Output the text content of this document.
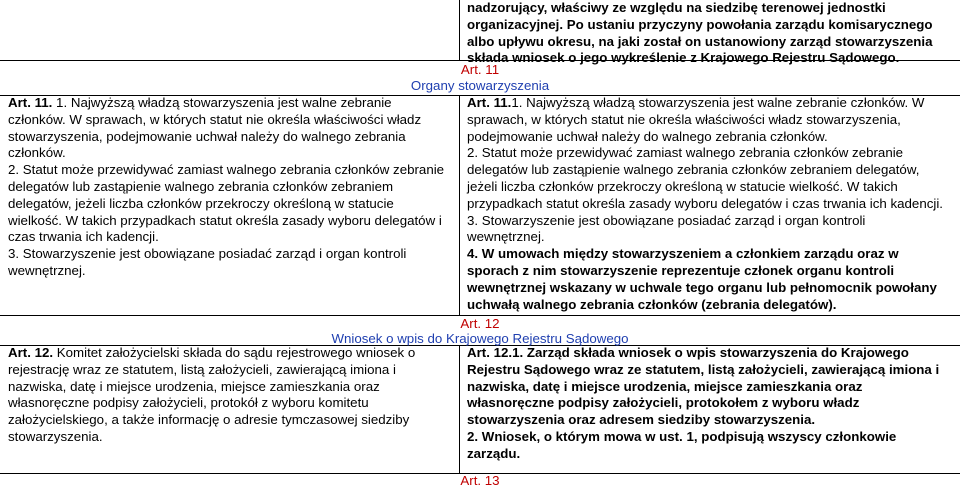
nadzorujący, właściwy ze względu na siedzibę terenowej jednostki organizacyjnej. Po ustaniu przyczyny powołania zarządu komisarycznego albo upływu okresu, na jaki został on ustanowiony zarząd stowarzyszenia składa wniosek o jego wykreślenie z Krajowego Rejestru Sądowego.

Art. 11
Organy stowarzyszenia

Art. 11. 1. Najwyższą władzą stowarzyszenia jest walne zebranie członków. W sprawach, w których statut nie określa właściwości władz stowarzyszenia, podejmowanie uchwał należy do walnego zebrania członków.

2. Statut może przewidywać zamiast walnego zebrania członków zebranie delegatów lub zastąpienie walnego zebrania członków zebraniem delegatów, jeżeli liczba członków przekroczy określoną w statucie wielkość. W takich przypadkach statut określa zasady wyboru delegatów i czas trwania ich kadencji.

3. Stowarzyszenie jest obowiązane posiadać zarząd i organ kontroli wewnętrznej.

Art. 11.1. Najwyższą władzą stowarzyszenia jest walne zebranie członków. W sprawach, w których statut nie określa właściwości władz stowarzyszenia, podejmowanie uchwał należy do walnego zebrania członków.

2. Statut może przewidywać zamiast walnego zebrania członków zebranie delegatów lub zastąpienie walnego zebrania członków zebraniem delegatów, jeżeli liczba członków przekroczy określoną w statucie wielkość. W takich przypadkach statut określa zasady wyboru delegatów i czas trwania ich kadencji.

3. Stowarzyszenie jest obowiązane posiadać zarząd i organ kontroli wewnętrznej.

4. W umowach między stowarzyszeniem a członkiem zarządu oraz w sporach z nim stowarzyszenie reprezentuje członek organu kontroli wewnętrznej wskazany w uchwale tego organu lub pełnomocnik powołany uchwałą walnego zebrania członków (zebrania delegatów).

Art. 12
Wniosek o wpis do Krajowego Rejestru Sądowego

Art. 12. Komitet założycielski składa do sądu rejestrowego wniosek o rejestrację wraz ze statutem, listą założycieli, zawierającą imiona i nazwiska, datę i miejsce urodzenia, miejsce zamieszkania oraz własnoręczne podpisy założycieli, protokół z wyboru komitetu założycielskiego, a także informację o adresie tymczasowej siedziby stowarzyszenia.

Art. 12.1. Zarząd składa wniosek o wpis stowarzyszenia do Krajowego Rejestru Sądowego wraz ze statutem, listą założycieli, zawierającą imiona i nazwiska, datę i miejsce urodzenia, miejsce zamieszkania oraz własnoręczne podpisy założycieli, protokołem z wyboru władz stowarzyszenia oraz adresem siedziby stowarzyszenia.

2. Wniosek, o którym mowa w ust. 1, podpisują wszyscy członkowie zarządu.

Art. 13
